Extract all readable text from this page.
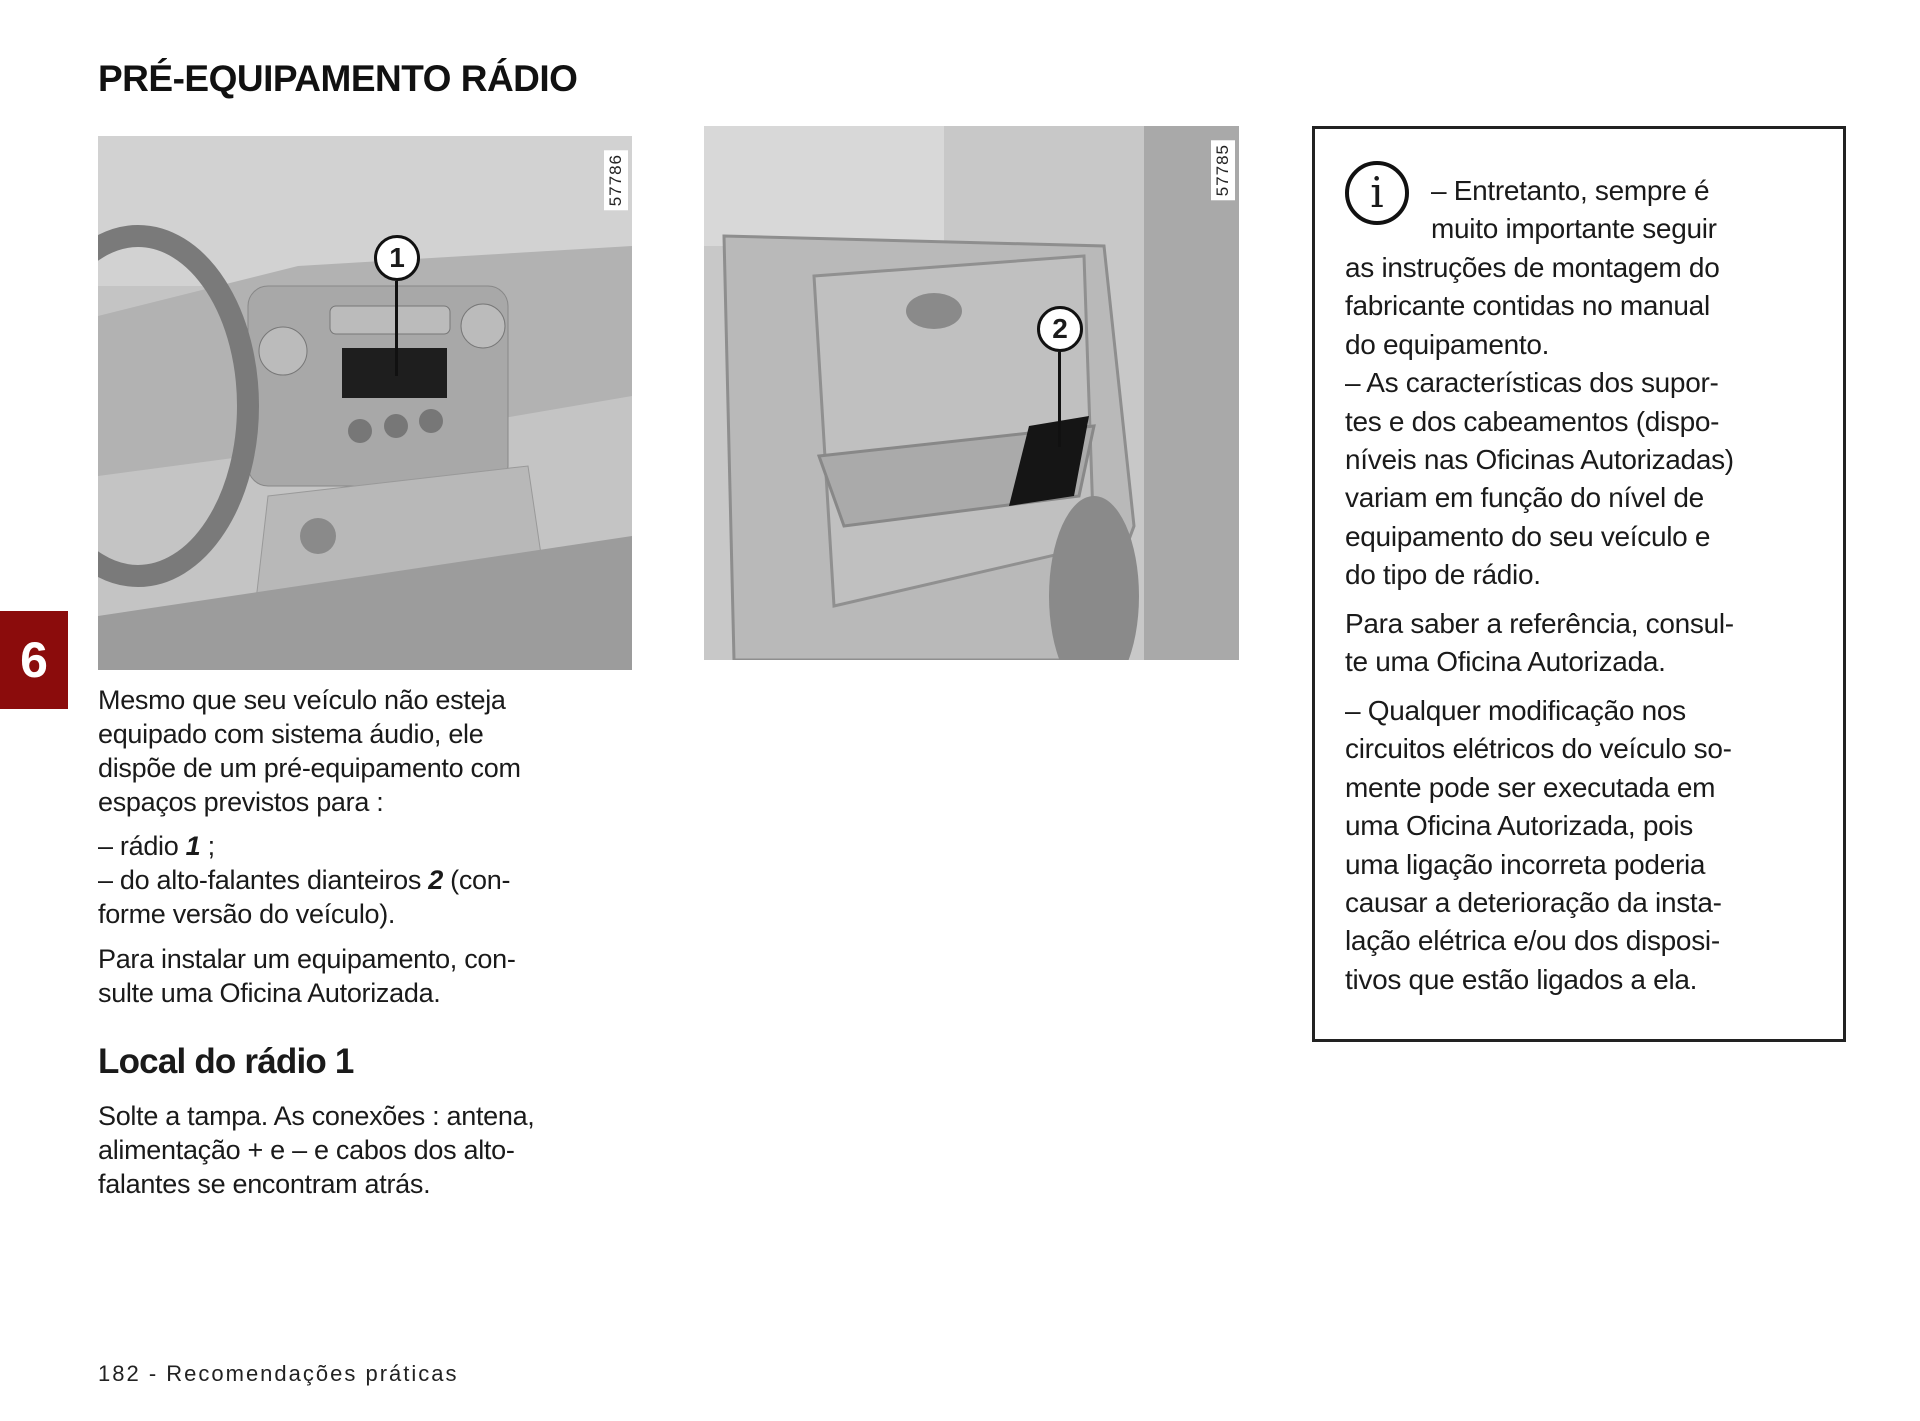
PRÉ-EQUIPAMENTO RÁDIO
6
57786
1
57785
2
Mesmo que seu veículo não esteja
equipado com sistema áudio, ele
dispõe de um pré-equipamento com
espaços previstos para :
– rádio 1 ;
– do alto-falantes dianteiros 2 (con-
forme versão do veículo).
Para instalar um equipamento, con-
sulte uma Oficina Autorizada.
Local do rádio 1
Solte a tampa. As conexões : antena,
alimentação + e – e cabos dos alto-
falantes se encontram atrás.
i	– Entretanto, sempre é
muito importante seguir
as instruções de montagem do
fabricante contidas no manual
do equipamento.
– As características dos supor-
tes e dos cabeamentos (dispo-
níveis nas Oficinas Autorizadas)
variam em função do nível de
equipamento do seu veículo e
do tipo de rádio.
Para saber a referência, consul-
te uma Oficina Autorizada.
– Qualquer modificação nos
circuitos elétricos do veículo so-
mente pode ser executada em
uma Oficina Autorizada, pois
uma ligação incorreta poderia
causar a deterioração da insta-
lação elétrica e/ou dos disposi-
tivos que estão ligados a ela.
182 - Recomendações práticas
